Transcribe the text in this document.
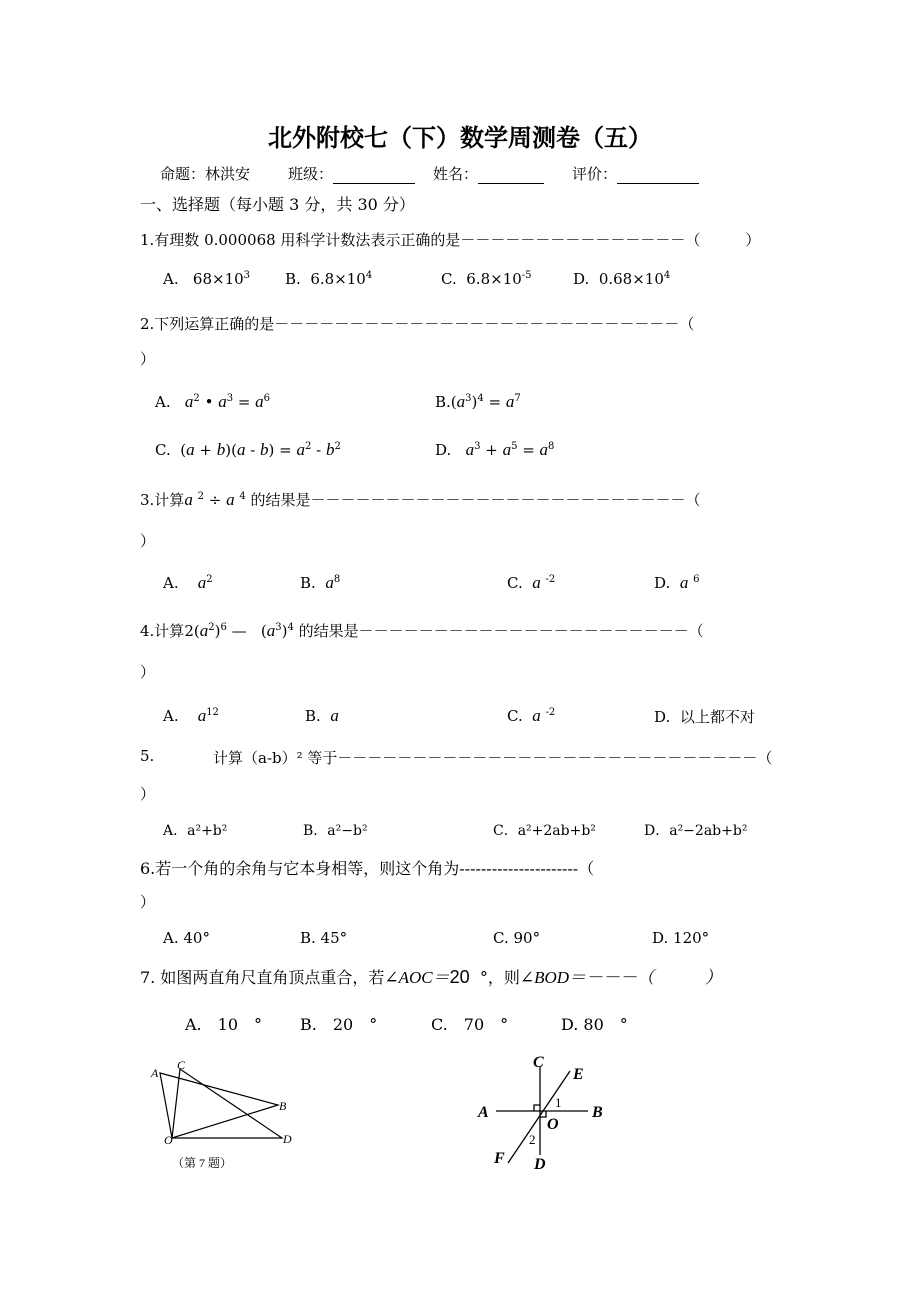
北外附校七（下）数学周测卷（五）
命题：林洪安	班级：	姓名：	评价：
一、选择题（每小题 3 分，共 30 分）
1.有理数 0.000068 用科学计数法表示正确的是－－－－－－－－－－－－－－－（　　　）
A. $68\times 10^3$ B. $6.8\times 10^4$	C. $6.8\times 10^{-5}$	D. $0.68\times 10^4$
2.下列运算正确的是－－－－－－－－－－－－－－－－－－－－－－－－－－－（
）
A. $a^2$ • $a^3 = a^6$	$B.(a^3)^4 = a^7$
C.  $(a + b)(a - b) = a^2 - b^2$	D. $a^3 + a^5 = a^8$
3.计算a $^2$ ÷ a $^4$ 的结果是－－－－－－－－－－－－－－－－－－－－－－－－－（
）
A. $a^2$	B. $a^8$	C. a $^{-2}$	D. a $^6$
4.计算$2(a^2)^6$ —   $(a^3)^4$ 的结果是－－－－－－－－－－－－－－－－－－－－－－（
）
A. $a^{12}$	B. a	C. a $^{-2}$	D. 以上都不对
5.	计算（a-b）² 等于－－－－－－－－－－－－－－－－－－－－－－－－－－－－（
）
A．a²+b²	B．a²−b²	C．a²+2ab+b²	D．a²−2ab+b²
6.若一个角的余角与它本身相等，则这个角为----------------------（
）
A. 40°	B. 45°	C. 90°	D. 120°
7. 如图两直角尺直角顶点重合，若∠AOC＝20 °，则∠BOD＝－－－（　　　）
A.　10　° B.　20　°	C.　70　°	D. 80　°
A
C
B
O	D
（第 7 题）
C
E
A	B
1
O
2
F D
